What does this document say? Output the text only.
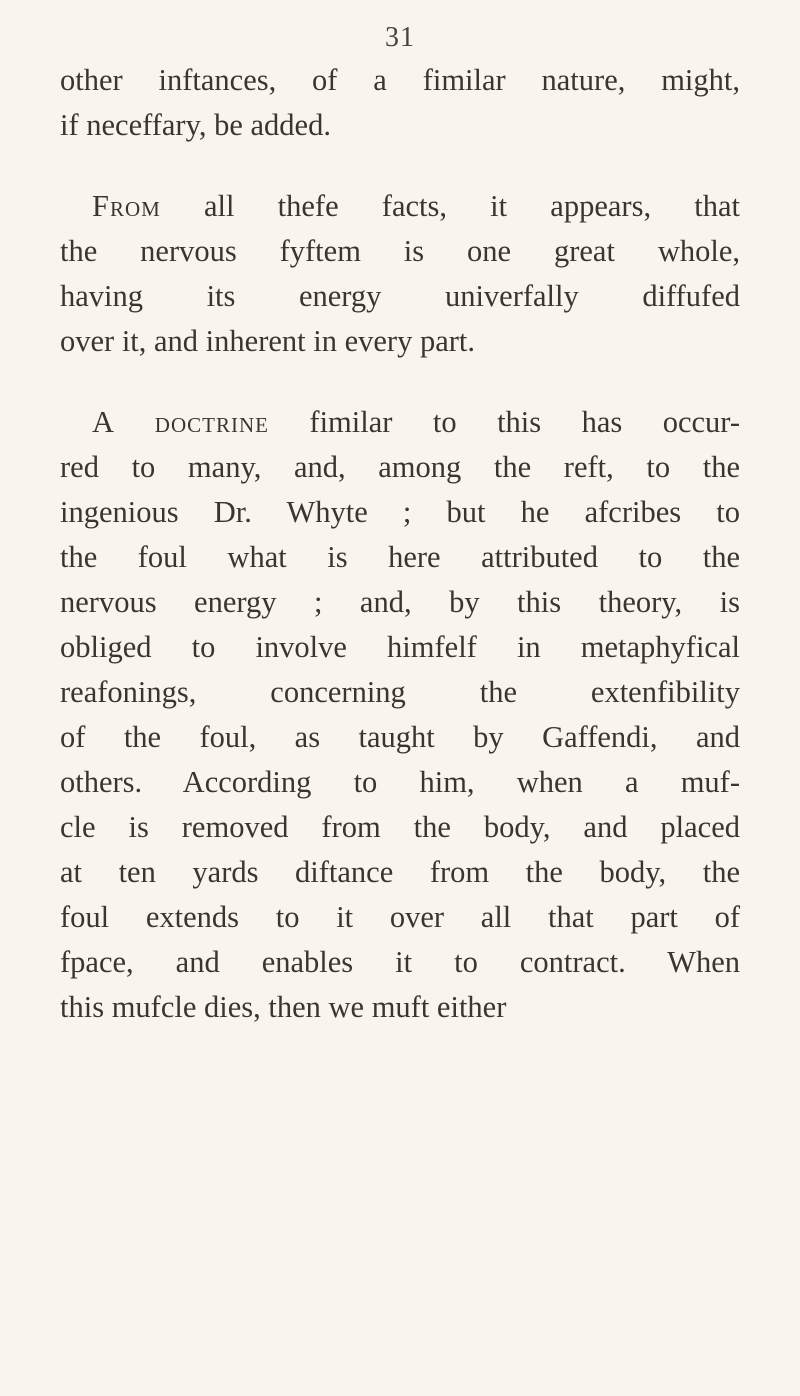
31
other inftances, of a fimilar nature, might,
if neceffary, be added.
From all thefe facts, it appears, that
the nervous fyftem is one great whole,
having its energy univerfally diffufed
over it, and inherent in every part.
A doctrine fimilar to this has occur-
red to many, and, among the reft, to the
ingenious Dr. Whyte ; but he afcribes to
the foul what is here attributed to the
nervous energy ; and, by this theory, is
obliged to involve himfelf in metaphyfical
reafonings, concerning the extenfibility
of the foul, as taught by Gaffendi, and
others. According to him, when a muf-
cle is removed from the body, and placed
at ten yards diftance from the body, the
foul extends to it over all that part of
fpace, and enables it to contract. When
this mufcle dies, then we muft either
